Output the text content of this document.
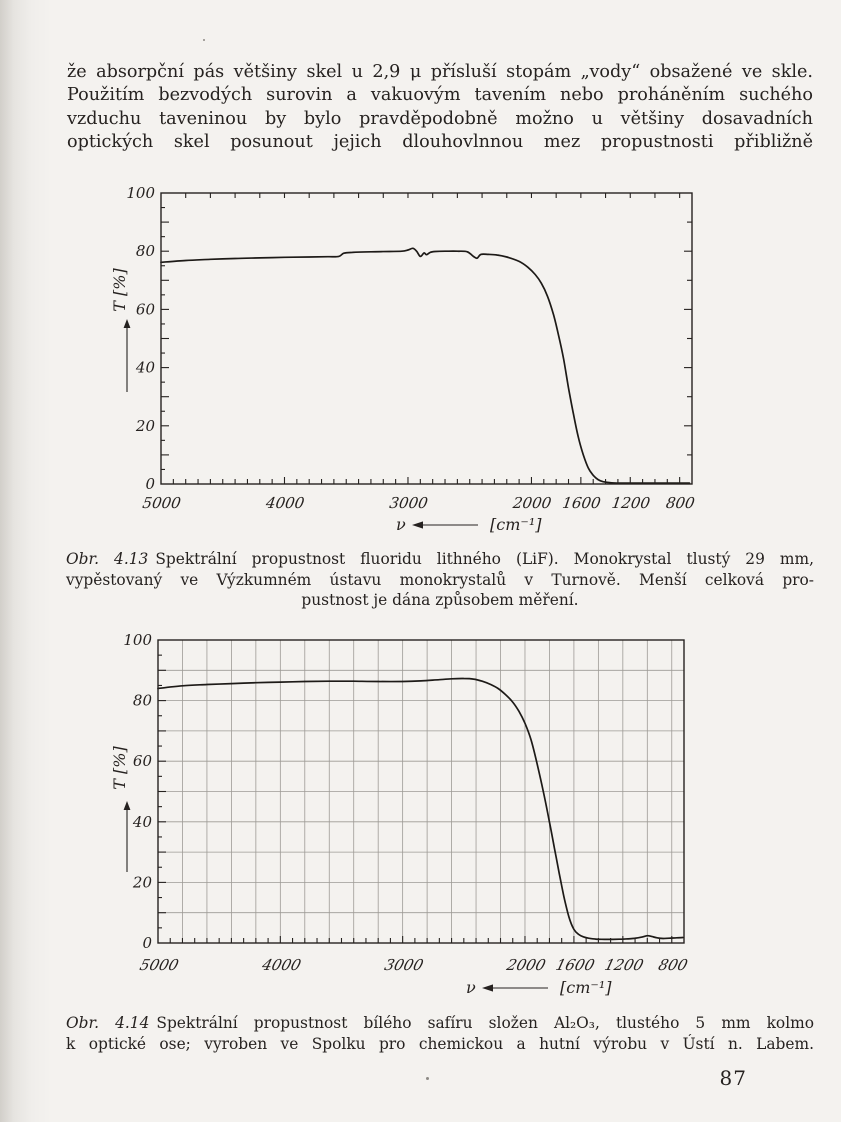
že absorpční pás většiny skel u 2,9 μ přísluší stopám „vody“ obsažené ve skle.
Použitím bezvodých surovin a vakuovým tavením nebo proháněním suchého
vzduchu taveninou by bylo pravděpodobně možno u většiny dosavadních
optických skel posunout jejich dlouhovlnnou mez propustnosti přibližně
5000	4000	3000	2000 1600 1200 800
0
20
40
60
80
100
T [%]
ν	[cm⁻¹]
Obr. 4.13 Spektrální propustnost fluoridu lithného (LiF). Monokrystal tlustý 29 mm,
vypěstovaný ve Výzkumném ústavu monokrystalů v Turnově. Menší celková pro-
pustnost je dána způsobem měření.
5000	4000	3000	2000 1600 1200 800
0
20
40
60
80
100
T [%]
ν	[cm⁻¹]
Obr. 4.14 Spektrální propustnost bílého safíru složen Al₂O₃, tlustého 5 mm kolmo
k optické ose; vyroben ve Spolku pro chemickou a hutní výrobu v Ústí n. Labem.
87
